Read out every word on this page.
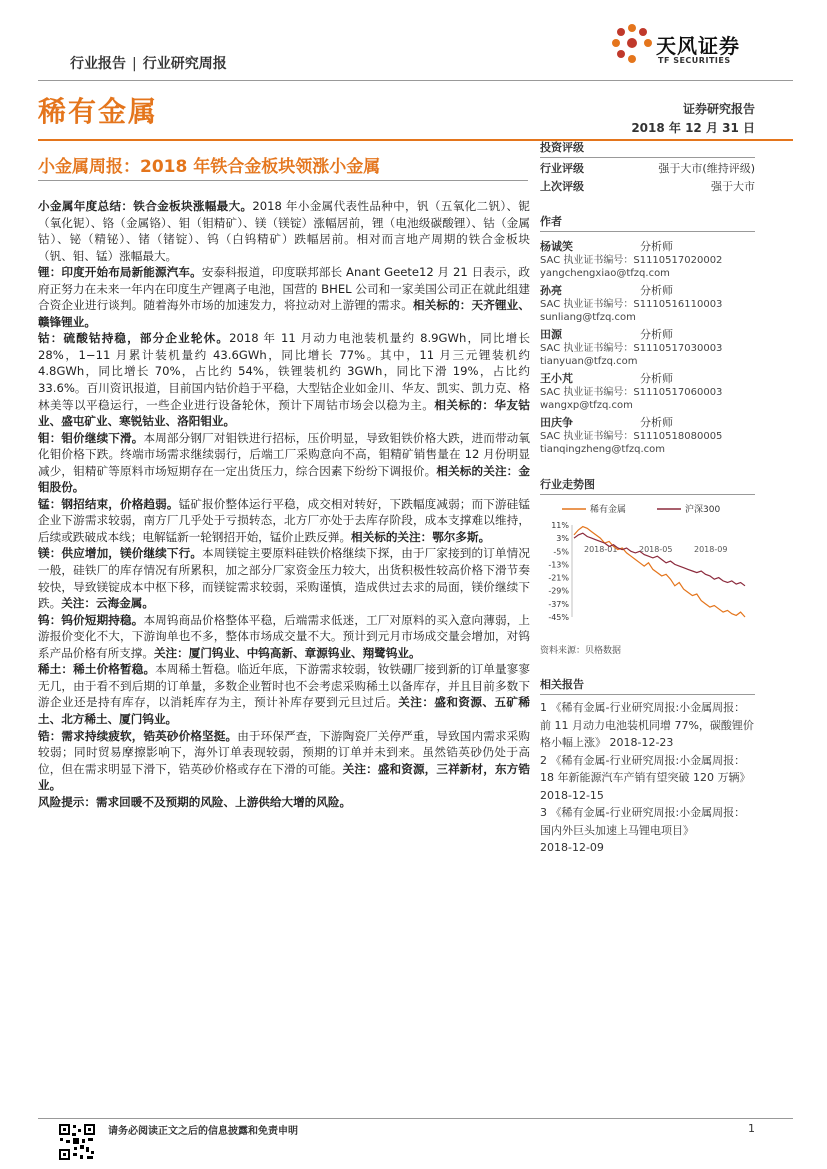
天风证券
TF SECURITIES
行业报告 | 行业研究周报
稀有金属	证券研究报告
2018 年 12 月 31 日
小金属周报：2018 年铁合金板块领涨小金属

小金属年度总结：铁合金板块涨幅最大。2018 年小金属代表性品种中，钒（五氧化二钒）、铌（氧化铌）、铬（金属铬）、钼（钼精矿）、镁（镁锭）涨幅居前，锂（电池级碳酸锂）、钴（金属钴）、铋（精铋）、锗（锗锭）、钨（白钨精矿）跌幅居前。相对而言地产周期的铁合金板块（钒、钼、锰）涨幅最大。

锂：印度开始布局新能源汽车。安泰科报道，印度联邦部长 Anant Geete12 月 21 日表示，政府正努力在未来一年内在印度生产锂离子电池，国营的 BHEL 公司和一家美国公司正在就此组建合资企业进行谈判。随着海外市场的加速发力，将拉动对上游锂的需求。相关标的：天齐锂业、赣锋锂业。

钴：硫酸钴持稳，部分企业轮休。2018 年 11 月动力电池装机量约 8.9GWh，同比增长 28%，1−11 月累计装机量约 43.6GWh，同比增长 77%。其中，11 月三元锂装机约 4.8GWh，同比增长 70%，占比约 54%，铁锂装机约 3GWh，同比下滑 19%，占比约 33.6%。百川资讯报道，目前国内钴价趋于平稳，大型钴企业如金川、华友、凯实、凯力克、格林美等以平稳运行，一些企业进行设备轮休，预计下周钴市场会以稳为主。相关标的：华友钴业、盛屯矿业、寒锐钴业、洛阳钼业。

钼：钼价继续下滑。本周部分钢厂对钼铁进行招标，压价明显，导致钼铁价格大跌，进而带动氧化钼价格下跌。终端市场需求继续弱行，后端工厂采购意向不高，钼精矿销售量在 12 月份明显减少，钼精矿等原料市场短期存在一定出货压力，综合因素下纷纷下调报价。相关标的关注：金钼股份。

锰：钢招结束，价格趋弱。锰矿报价整体运行平稳，成交相对转好，下跌幅度减弱；而下游硅锰企业下游需求较弱，南方厂几乎处于亏损转态，北方厂亦处于去库存阶段，成本支撑难以维持，后续或跌破成本线；电解锰新一轮钢招开始，锰价止跌反弹。相关标的关注：鄂尔多斯。

镁：供应增加，镁价继续下行。本周镁锭主要原料硅铁价格继续下探，由于厂家接到的订单情况一般，硅铁厂的库存情况有所累积，加之部分厂家资金压力较大，出货积极性较高价格下滑节奏较快，导致镁锭成本中枢下移，而镁锭需求较弱，采购谨慎，造成供过去求的局面，镁价继续下跌。关注：云海金属。

钨：钨价短期持稳。本周钨商品价格整体平稳，后端需求低迷，工厂对原料的买入意向薄弱，上游报价变化不大，下游询单也不多，整体市场成交量不大。预计到元月市场成交量会增加，对钨系产品价格有所支撑。关注：厦门钨业、中钨高新、章源钨业、翔鹭钨业。

稀土：稀土价格暂稳。本周稀土暂稳。临近年底，下游需求较弱，钕铁硼厂接到新的订单量寥寥无几，由于看不到后期的订单量，多数企业暂时也不会考虑采购稀土以备库存，并且目前多数下游企业还是持有库存，以消耗库存为主，预计补库存要到元旦过后。关注：盛和资源、五矿稀土、北方稀土、厦门钨业。

锆：需求持续疲软，锆英砂价格坚挺。由于环保严查，下游陶瓷厂关停严重，导致国内需求采购较弱；同时贸易摩擦影响下，海外订单表现较弱，预期的订单并未到来。虽然锆英砂仍处于高位，但在需求明显下滑下，锆英砂价格或存在下滑的可能。关注：盛和资源，三祥新材，东方锆业。

风险提示：需求回暖不及预期的风险、上游供给大增的风险。

投资评级
行业评级	强于大市(维持评级)
上次评级	强于大市
作者
杨诚笑	分析师
SAC 执业证书编号：S1110517020002
yangchengxiao@tfzq.com
孙亮	分析师
SAC 执业证书编号：S1110516110003
sunliang@tfzq.com
田源	分析师
SAC 执业证书编号：S1110517030003
tianyuan@tfzq.com
王小芃	分析师
SAC 执业证书编号：S1110517060003
wangxp@tfzq.com
田庆争	分析师
SAC 执业证书编号：S1110518080005
tianqingzheng@tfzq.com
行业走势图
稀有金属	沪深300
11%
3%
-5%
-13%
-21%
-29%
-37%
-45%
2018-01	2018-05	2018-09
资料来源：贝格数据
相关报告
1 《稀有金属-行业研究周报:小金属周报：前 11 月动力电池装机同增 77%，碳酸锂价格小幅上涨》 2018-12-23
2 《稀有金属-行业研究周报:小金属周报：18 年新能源汽车产销有望突破 120 万辆》 2018-12-15
3 《稀有金属-行业研究周报:小金属周报：国内外巨头加速上马锂电项目》
2018-12-09
请务必阅读正文之后的信息披露和免责申明	1
